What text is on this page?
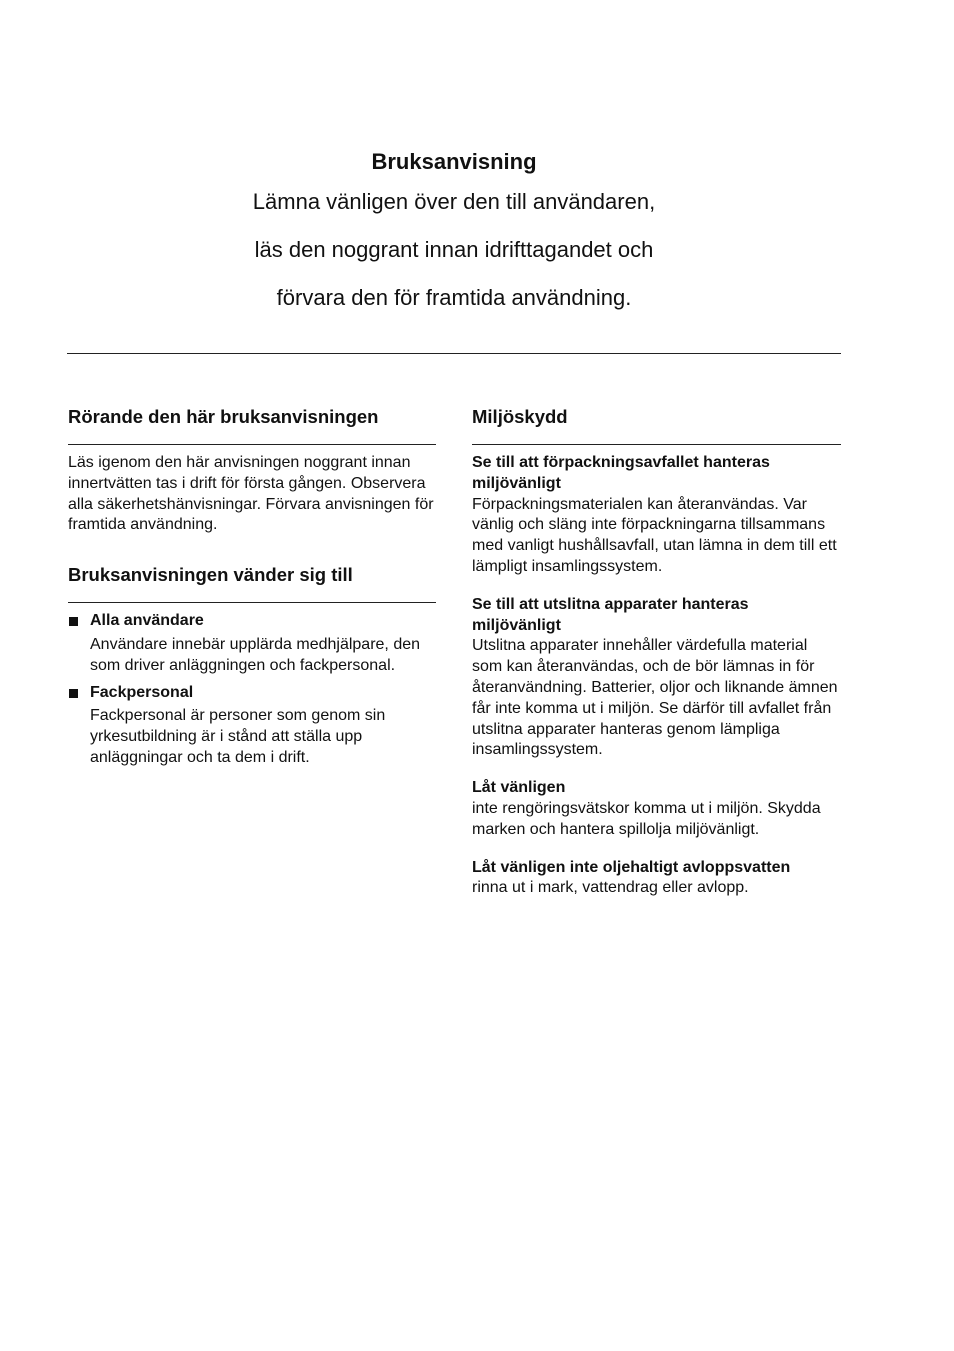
Bruksanvisning

Lämna vänligen över den till användaren,

läs den noggrant innan idrifttagandet och

förvara den för framtida användning.

Rörande den här bruksanvisningen

Läs igenom den här anvisningen noggrant innan innertvätten tas i drift för första gången. Observera alla säkerhetshänvisningar. Förvara anvisningen för framtida användning.

Bruksanvisningen vänder sig till
Alla användare
Användare innebär upplärda medhjälpare, den som driver anläggningen och fackpersonal.
Fackpersonal
Fackpersonal är personer som genom sin yrkesutbildning är i stånd att ställa upp anläggningar och ta dem i drift.
Miljöskydd

Se till att förpackningsavfallet hanteras miljövänligt

Förpackningsmaterialen kan återanvändas. Var vänlig och släng inte förpackningarna tillsammans med vanligt hushållsavfall, utan lämna in dem till ett lämpligt insamlingssystem.

Se till att utslitna apparater hanteras miljövänligt

Utslitna apparater innehåller värdefulla material som kan återanvändas, och de bör lämnas in för återanvändning. Batterier, oljor och liknande ämnen får inte komma ut i miljön. Se därför till avfallet från utslitna apparater hanteras genom lämpliga insamlingssystem.

Låt vänligen

inte rengöringsvätskor komma ut i miljön. Skydda marken och hantera spillolja miljövänligt.

Låt vänligen inte oljehaltigt avloppsvatten

rinna ut i mark, vattendrag eller avlopp.
